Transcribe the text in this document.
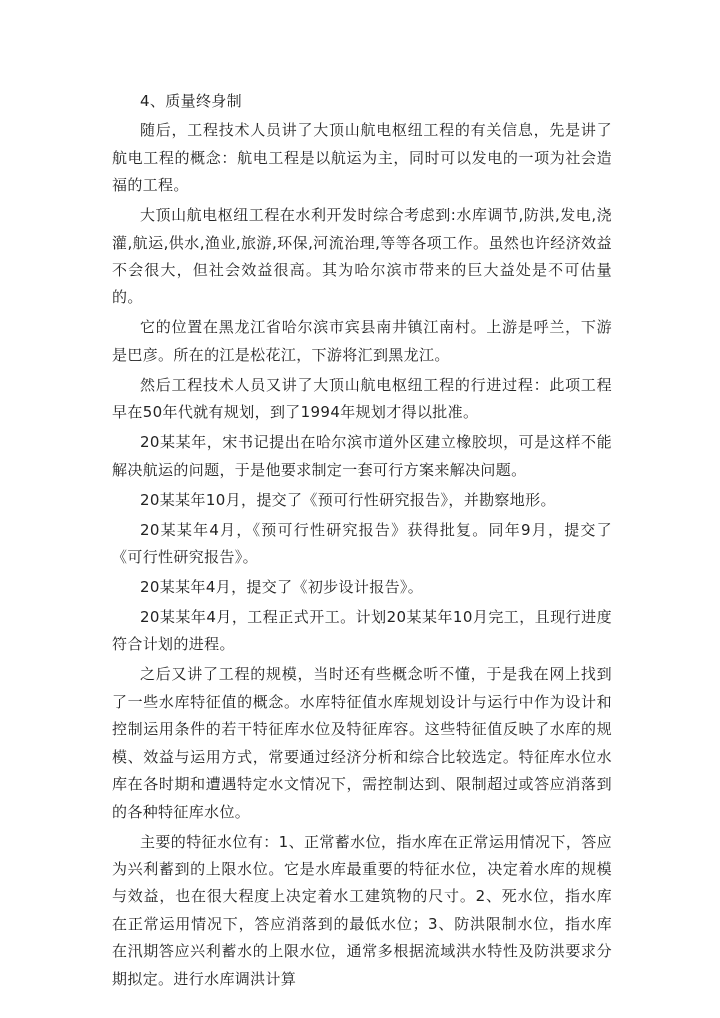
4、质量终身制

随后，工程技术人员讲了大顶山航电枢纽工程的有关信息，先是讲了航电工程的概念：航电工程是以航运为主，同时可以发电的一项为社会造福的工程。

大顶山航电枢纽工程在水利开发时综合考虑到:水库调节,防洪,发电,浇灌,航运,供水,渔业,旅游,环保,河流治理,等等各项工作。虽然也许经济效益不会很大，但社会效益很高。其为哈尔滨市带来的巨大益处是不可估量的。

它的位置在黑龙江省哈尔滨市宾县南井镇江南村。上游是呼兰，下游是巴彦。所在的江是松花江，下游将汇到黑龙江。

然后工程技术人员又讲了大顶山航电枢纽工程的行进过程：此项工程早在50年代就有规划，到了1994年规划才得以批准。

20某某年，宋书记提出在哈尔滨市道外区建立橡胶坝，可是这样不能解决航运的问题，于是他要求制定一套可行方案来解决问题。

20某某年10月，提交了《预可行性研究报告》，并勘察地形。

20某某年4月，《预可行性研究报告》获得批复。同年9月，提交了《可行性研究报告》。

20某某年4月，提交了《初步设计报告》。

20某某年4月，工程正式开工。计划20某某年10月完工，且现行进度符合计划的进程。

之后又讲了工程的规模，当时还有些概念听不懂，于是我在网上找到了一些水库特征值的概念。水库特征值水库规划设计与运行中作为设计和控制运用条件的若干特征库水位及特征库容。这些特征值反映了水库的规模、效益与运用方式，常要通过经济分析和综合比较选定。特征库水位水库在各时期和遭遇特定水文情况下，需控制达到、限制超过或答应消落到的各种特征库水位。

主要的特征水位有：1、正常蓄水位，指水库在正常运用情况下，答应为兴利蓄到的上限水位。它是水库最重要的特征水位，决定着水库的规模与效益，也在很大程度上决定着水工建筑物的尺寸。2、死水位，指水库在正常运用情况下，答应消落到的最低水位；3、防洪限制水位，指水库在汛期答应兴利蓄水的上限水位，通常多根据流域洪水特性及防洪要求分期拟定。进行水库调洪计算
